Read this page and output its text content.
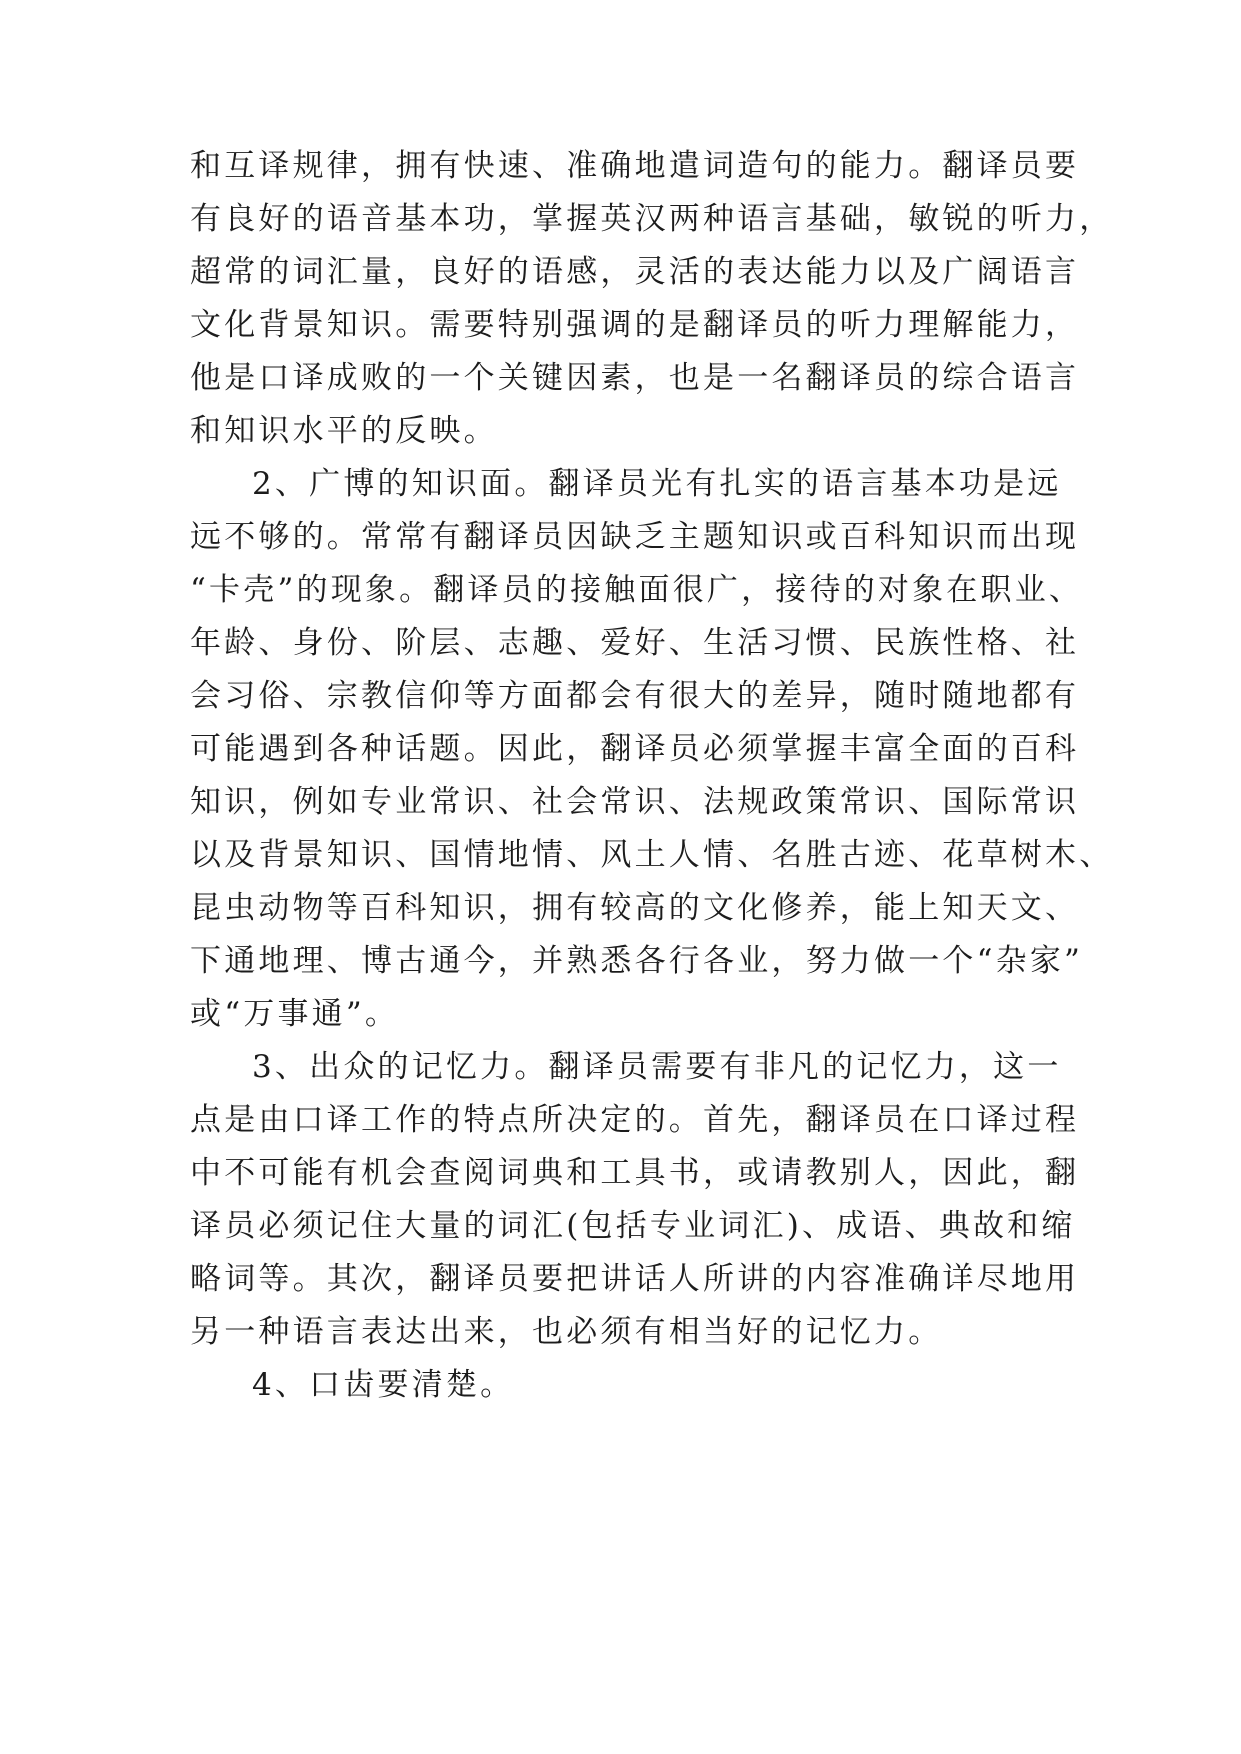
和互译规律，拥有快速、准确地遣词造句的能力。翻译员要
有良好的语音基本功，掌握英汉两种语言基础，敏锐的听力，
超常的词汇量，良好的语感，灵活的表达能力以及广阔语言
文化背景知识。需要特别强调的是翻译员的听力理解能力，
他是口译成败的一个关键因素，也是一名翻译员的综合语言
和知识水平的反映。
2、广博的知识面。翻译员光有扎实的语言基本功是远
远不够的。常常有翻译员因缺乏主题知识或百科知识而出现
“卡壳”的现象。翻译员的接触面很广，接待的对象在职业、
年龄、身份、阶层、志趣、爱好、生活习惯、民族性格、社
会习俗、宗教信仰等方面都会有很大的差异，随时随地都有
可能遇到各种话题。因此，翻译员必须掌握丰富全面的百科
知识，例如专业常识、社会常识、法规政策常识、国际常识
以及背景知识、国情地情、风土人情、名胜古迹、花草树木、
昆虫动物等百科知识，拥有较高的文化修养，能上知天文、
下通地理、博古通今，并熟悉各行各业，努力做一个“杂家”
或“万事通”。
3、出众的记忆力。翻译员需要有非凡的记忆力，这一
点是由口译工作的特点所决定的。首先，翻译员在口译过程
中不可能有机会查阅词典和工具书，或请教别人，因此，翻
译员必须记住大量的词汇(包括专业词汇)、成语、典故和缩
略词等。其次，翻译员要把讲话人所讲的内容准确详尽地用
另一种语言表达出来，也必须有相当好的记忆力。
4、口齿要清楚。
